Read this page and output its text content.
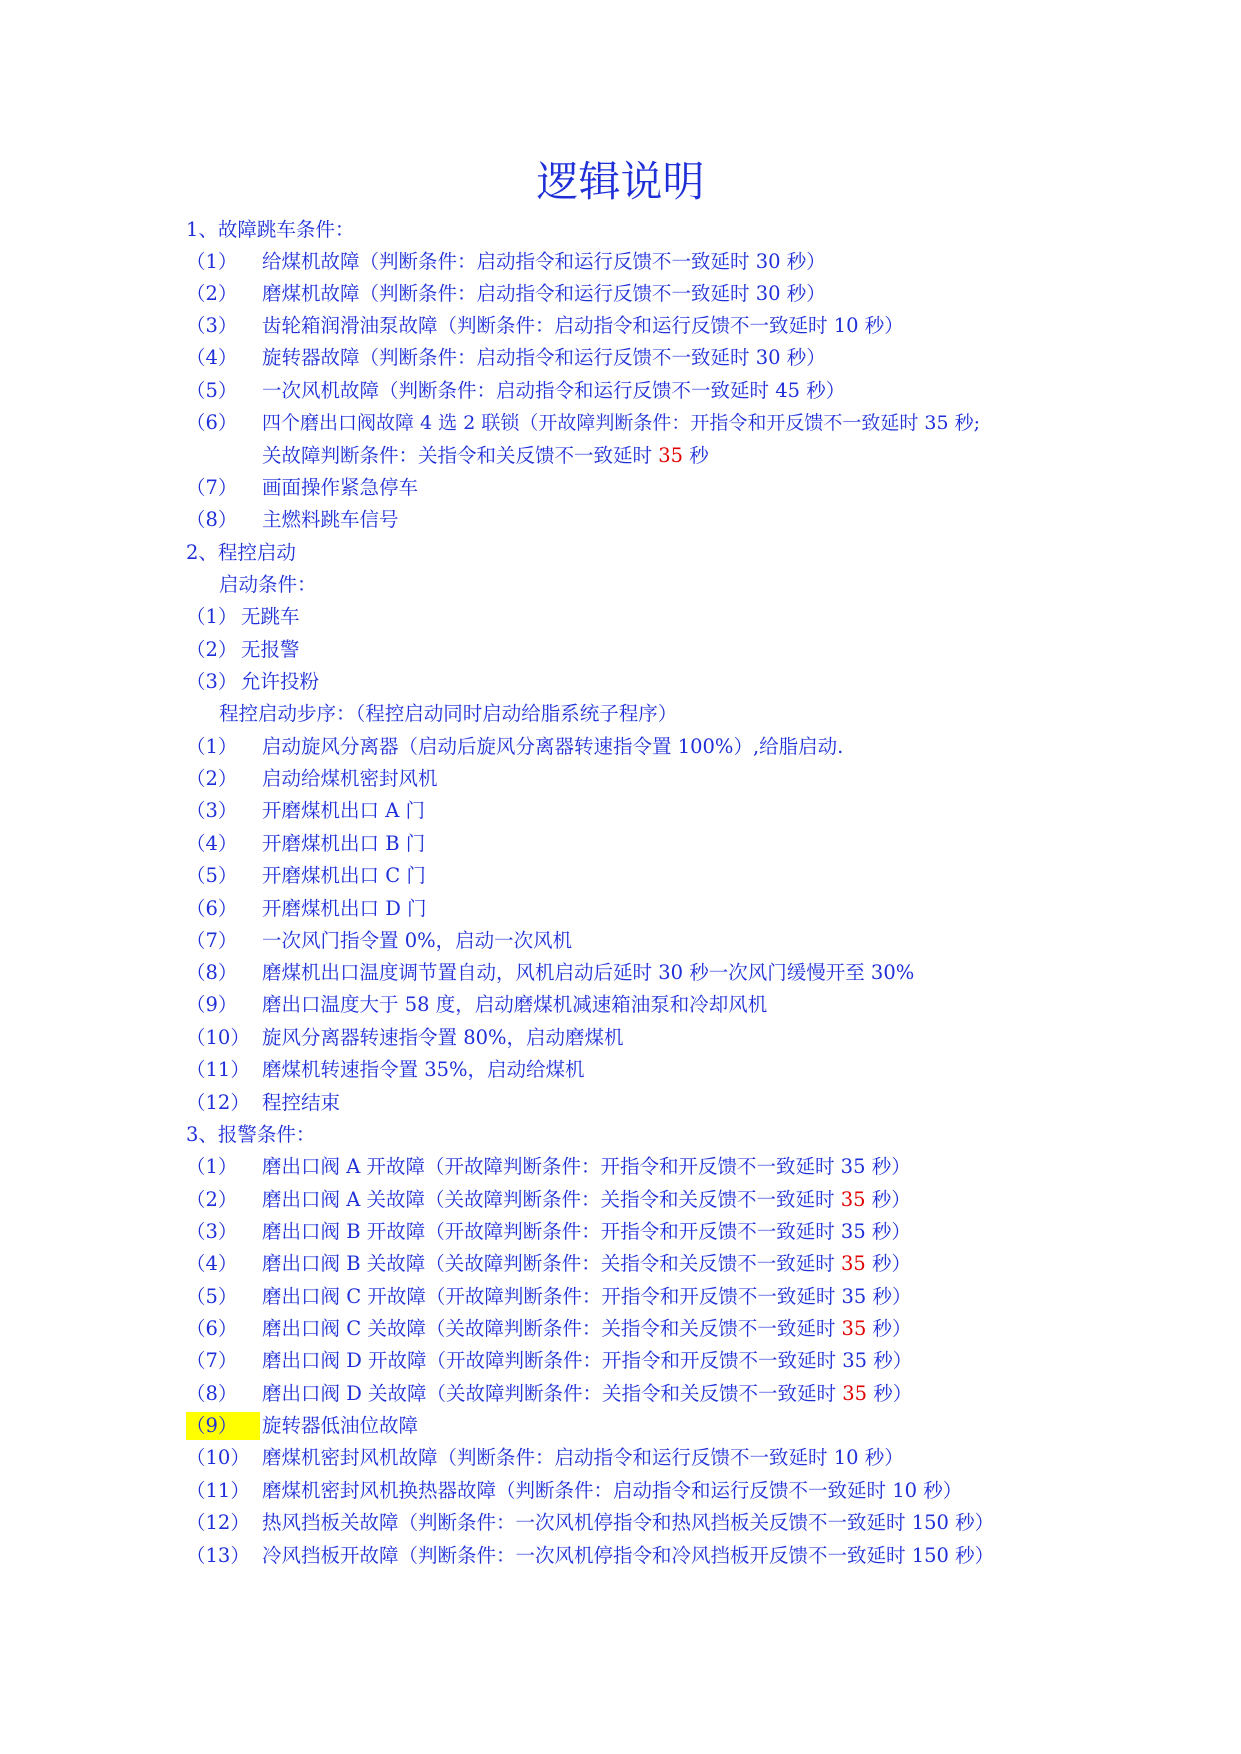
逻辑说明
1、故障跳车条件：
（1） 给煤机故障（判断条件：启动指令和运行反馈不一致延时 30 秒）
（2） 磨煤机故障（判断条件：启动指令和运行反馈不一致延时 30 秒）
（3） 齿轮箱润滑油泵故障（判断条件：启动指令和运行反馈不一致延时 10 秒）
（4） 旋转器故障（判断条件：启动指令和运行反馈不一致延时 30 秒）
（5） 一次风机故障（判断条件：启动指令和运行反馈不一致延时 45 秒）
（6） 四个磨出口阀故障 4 选 2 联锁（开故障判断条件：开指令和开反馈不一致延时 35 秒;
关故障判断条件：关指令和关反馈不一致延时 35 秒
（7） 画面操作紧急停车
（8） 主燃料跳车信号
2、程控启动
启动条件：
（1） 无跳车
（2） 无报警
（3） 允许投粉
程控启动步序：（程控启动同时启动给脂系统子程序）
（1） 启动旋风分离器（启动后旋风分离器转速指令置 100%）,给脂启动.
（2） 启动给煤机密封风机
（3） 开磨煤机出口 A 门
（4） 开磨煤机出口 B 门
（5） 开磨煤机出口 C 门
（6） 开磨煤机出口 D 门
（7） 一次风门指令置 0%，启动一次风机
（8） 磨煤机出口温度调节置自动，风机启动后延时 30 秒一次风门缓慢开至 30%
（9） 磨出口温度大于 58 度，启动磨煤机减速箱油泵和冷却风机
（10） 旋风分离器转速指令置 80%，启动磨煤机
（11） 磨煤机转速指令置 35%，启动给煤机
（12） 程控结束
3、报警条件：
（1） 磨出口阀 A 开故障（开故障判断条件：开指令和开反馈不一致延时 35 秒）
（2） 磨出口阀 A 关故障（关故障判断条件：关指令和关反馈不一致延时 35 秒）
（3） 磨出口阀 B 开故障（开故障判断条件：开指令和开反馈不一致延时 35 秒）
（4） 磨出口阀 B 关故障（关故障判断条件：关指令和关反馈不一致延时 35 秒）
（5） 磨出口阀 C 开故障（开故障判断条件：开指令和开反馈不一致延时 35 秒）
（6） 磨出口阀 C 关故障（关故障判断条件：关指令和关反馈不一致延时 35 秒）
（7） 磨出口阀 D 开故障（开故障判断条件：开指令和开反馈不一致延时 35 秒）
（8） 磨出口阀 D 关故障（关故障判断条件：关指令和关反馈不一致延时 35 秒）
（9）	旋转器低油位故障
（10） 磨煤机密封风机故障（判断条件：启动指令和运行反馈不一致延时 10 秒）
（11） 磨煤机密封风机换热器故障（判断条件：启动指令和运行反馈不一致延时 10 秒）
（12） 热风挡板关故障（判断条件：一次风机停指令和热风挡板关反馈不一致延时 150 秒）
（13） 冷风挡板开故障（判断条件：一次风机停指令和冷风挡板开反馈不一致延时 150 秒）
